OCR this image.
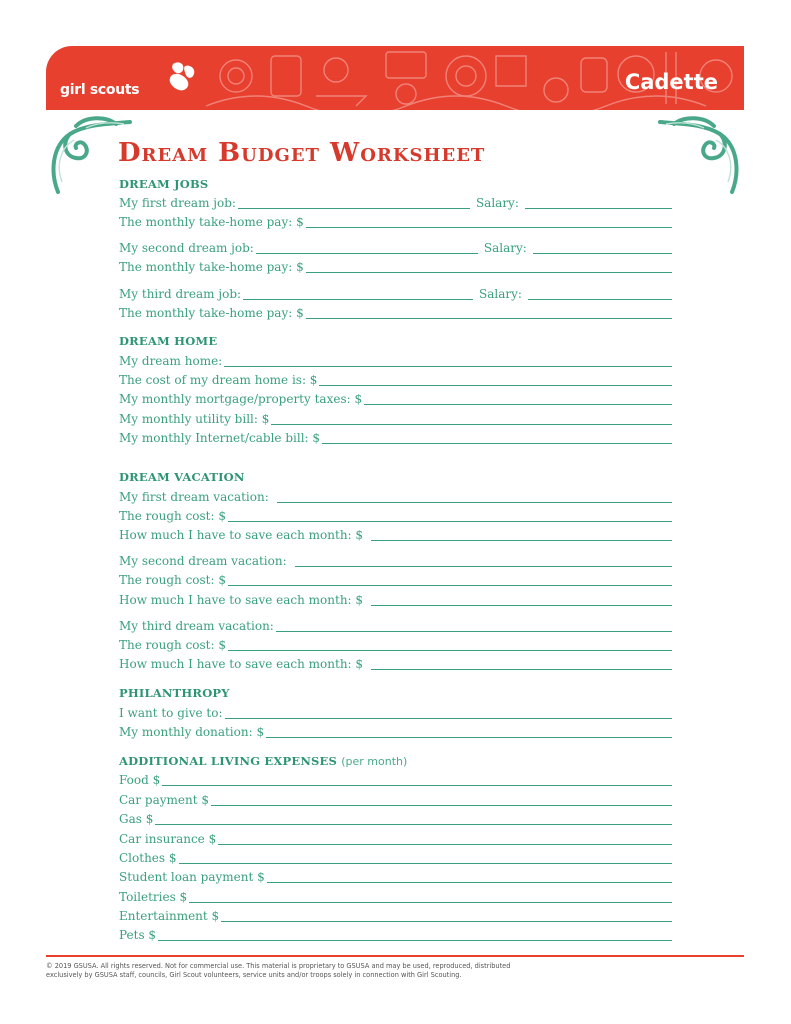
girl scouts	Cadette
Dream Budget Worksheet
DREAM JOBS
My first dream job:	Salary:
The monthly take-home pay: $
My second dream job:	Salary:
The monthly take-home pay: $
My third dream job:	Salary:
The monthly take-home pay: $
DREAM HOME
My dream home:
The cost of my dream home is: $
My monthly mortgage/property taxes: $
My monthly utility bill: $
My monthly Internet/cable bill: $
DREAM VACATION
My first dream vacation:
The rough cost: $
How much I have to save each month: $
My second dream vacation:
The rough cost: $
How much I have to save each month: $
My third dream vacation:
The rough cost: $
How much I have to save each month: $
PHILANTHROPY
I want to give to:
My monthly donation: $
ADDITIONAL LIVING EXPENSES (per month)
Food $
Car payment $
Gas $
Car insurance $
Clothes $
Student loan payment $
Toiletries $
Entertainment $
Pets $
© 2019 GSUSA. All rights reserved. Not for commercial use. This material is proprietary to GSUSA and may be used, reproduced, distributed
exclusively by GSUSA staff, councils, Girl Scout volunteers, service units and/or troops solely in connection with Girl Scouting.
